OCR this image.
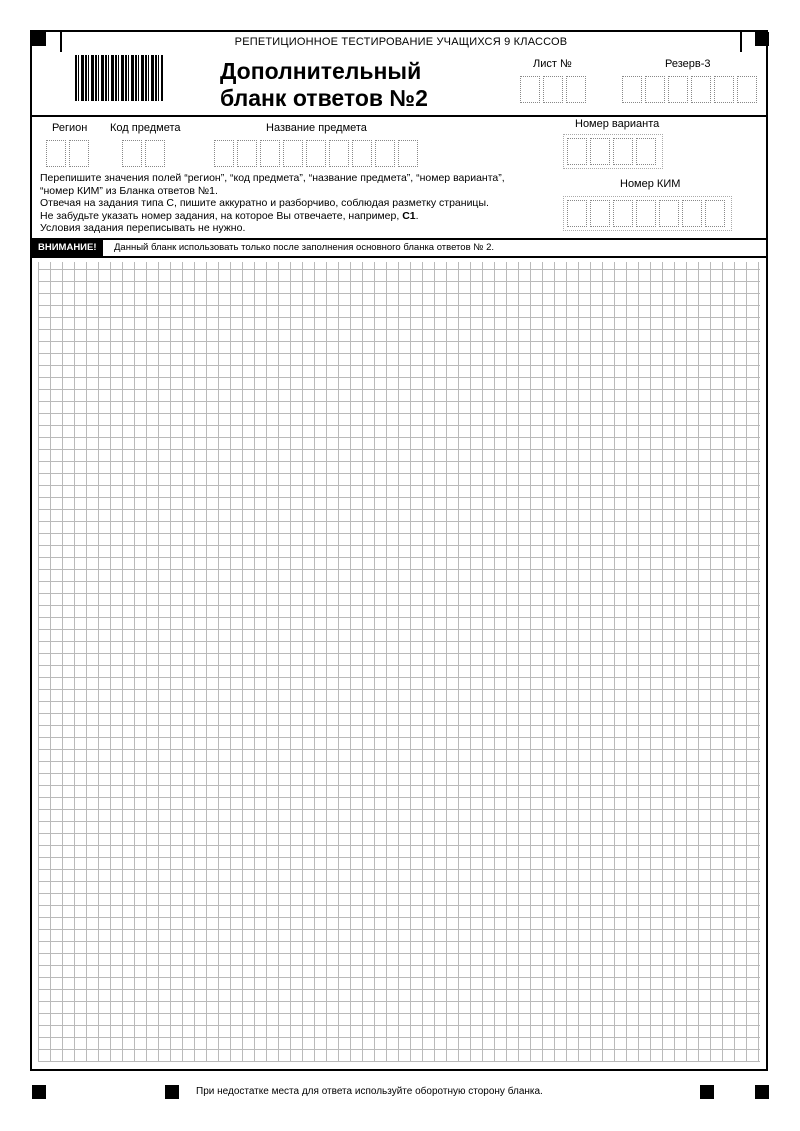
РЕПЕТИЦИОННОЕ ТЕСТИРОВАНИЕ УЧАЩИХСЯ 9 КЛАССОВ
Дополнительный
бланк ответов №2
Лист №	Резерв-3
Регион Код предмета	Название предмета	Номер варианта
Номер КИМ
Перепишите значения полей “регион”, “код предмета”, “название предмета”, “номер варианта”,
“номер КИМ” из Бланка ответов №1.
Отвечая на задания типа С, пишите аккуратно и разборчиво, соблюдая разметку страницы.
Не забудьте указать номер задания, на которое Вы отвечаете, например, С1.
Условия задания переписывать не нужно.
ВНИМАНИЕ!	Данный бланк использовать только после заполнения основного бланка ответов № 2.
При недостатке места для ответа используйте оборотную сторону бланка.
